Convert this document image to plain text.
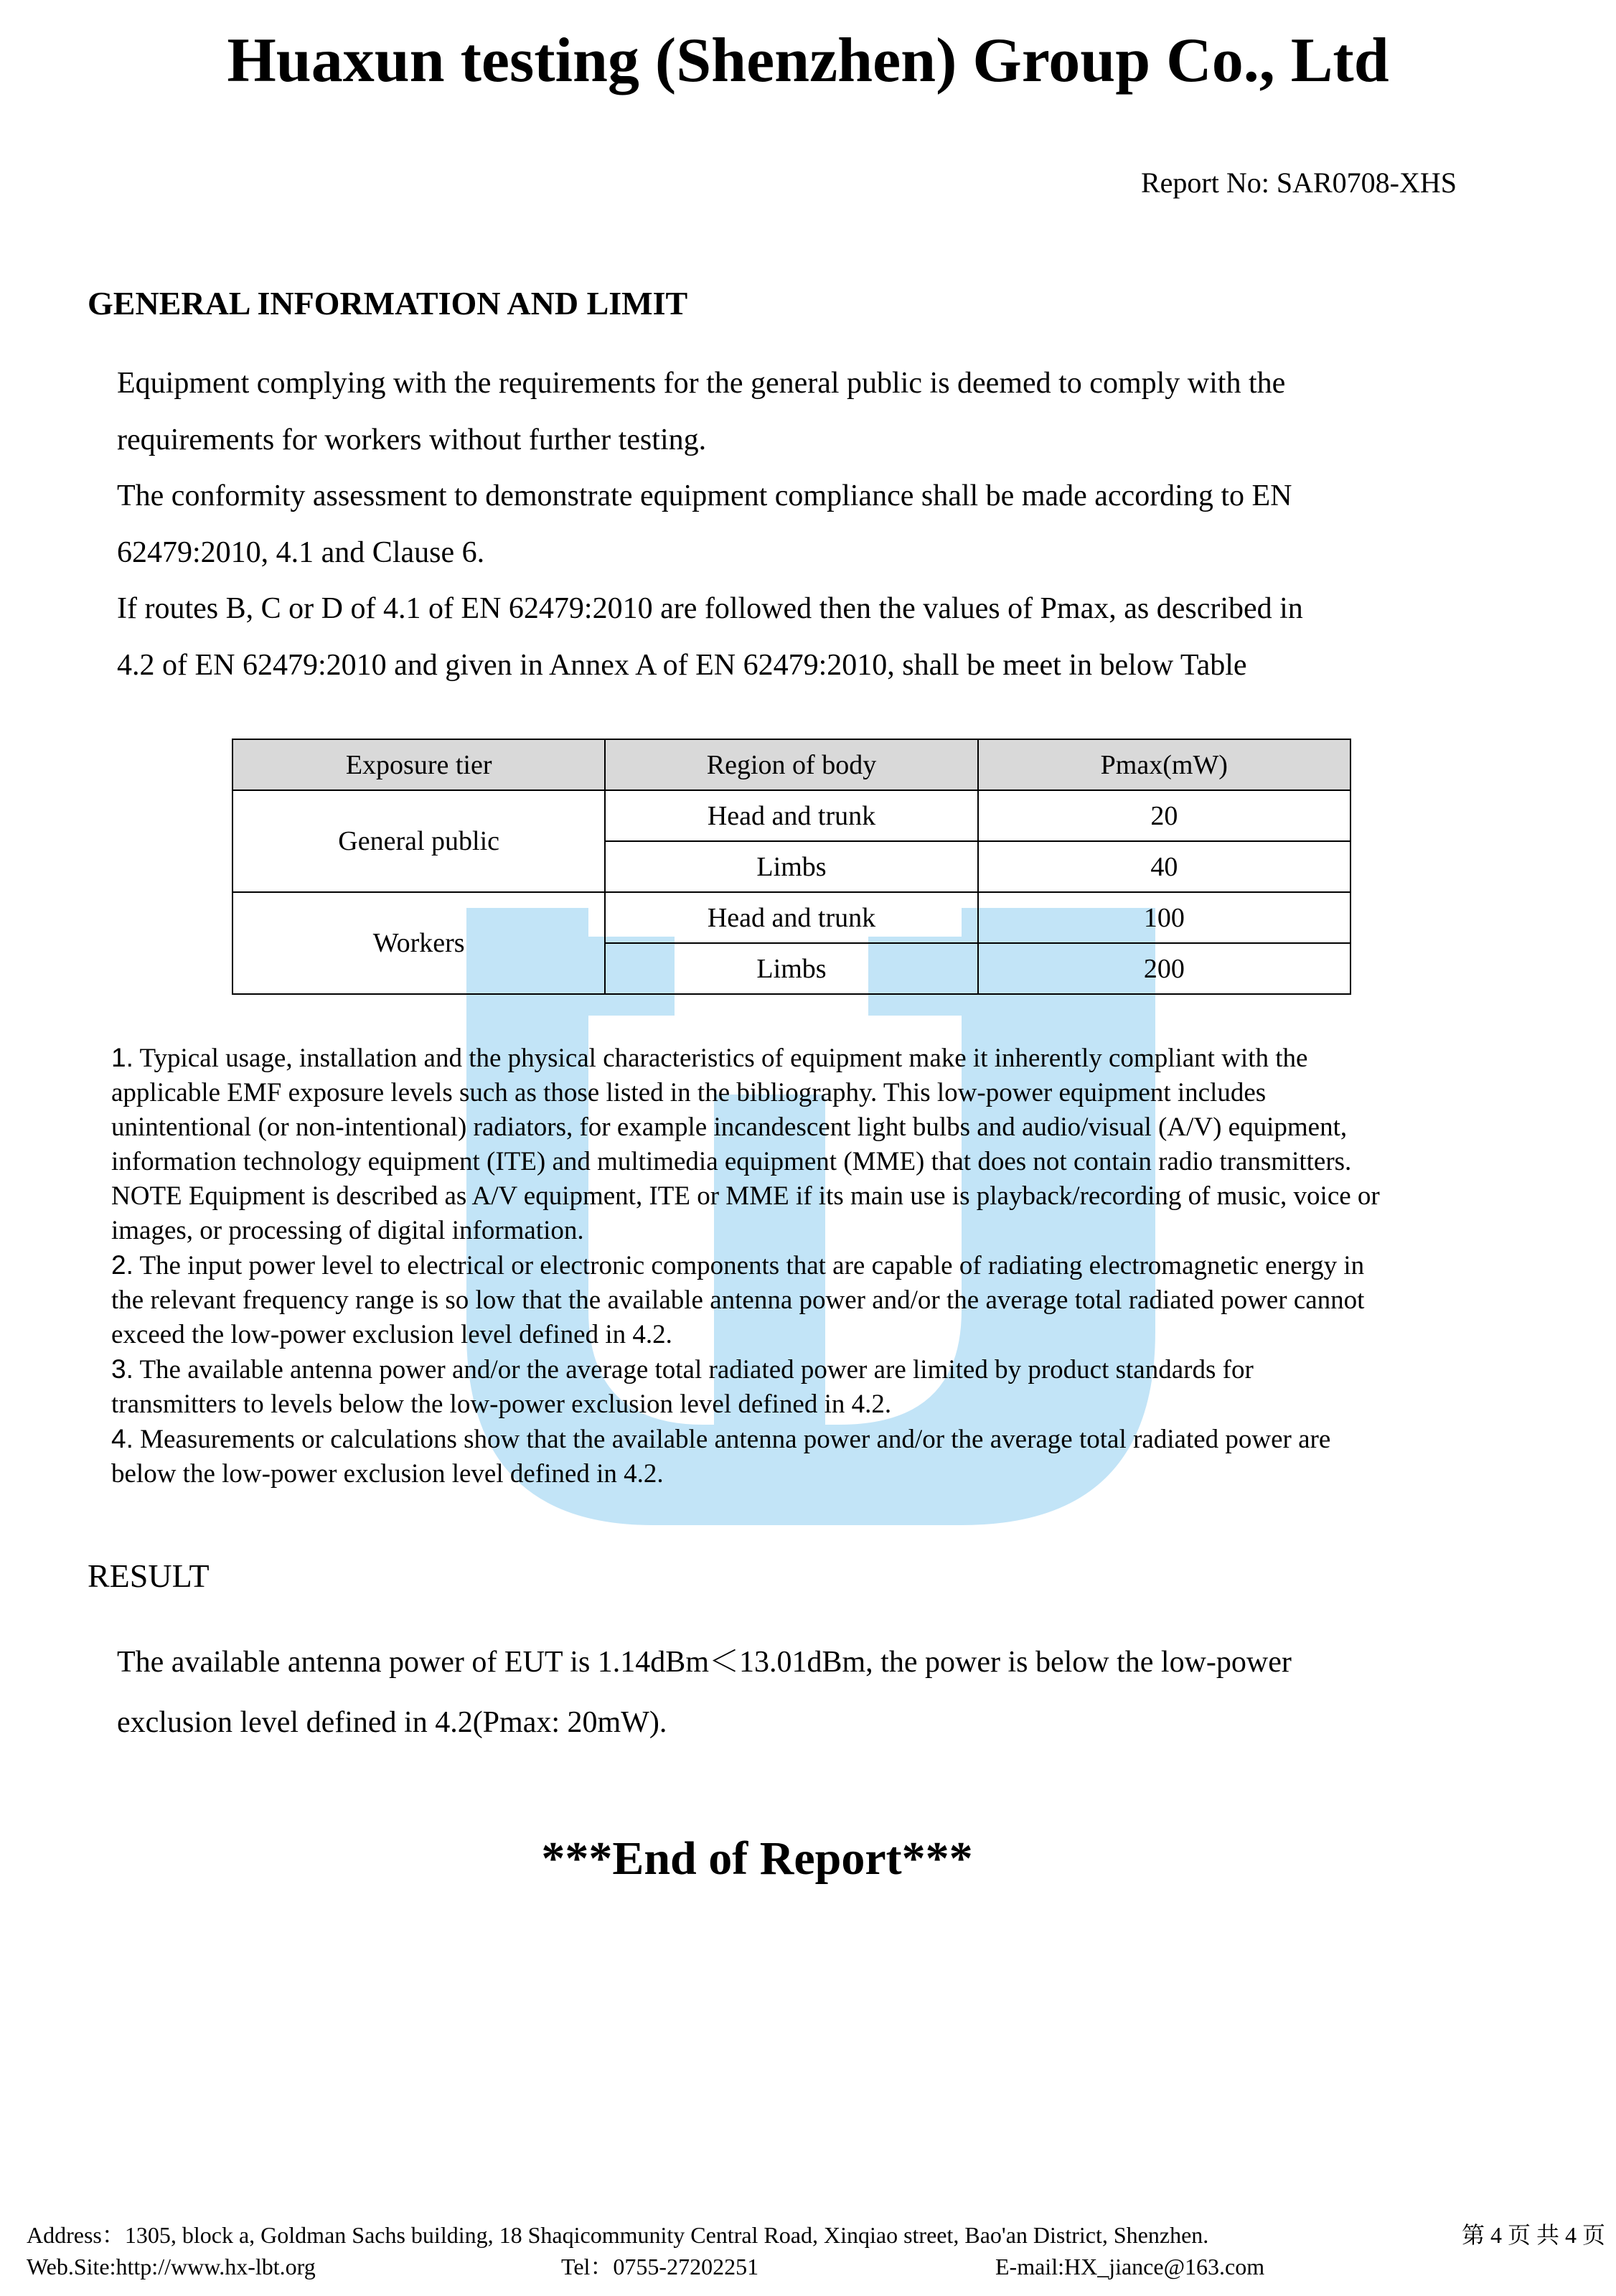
Huaxun testing (Shenzhen) Group Co., Ltd
Report No: SAR0708-XHS
GENERAL INFORMATION AND LIMIT

Equipment complying with the requirements for the general public is deemed to comply with the

requirements for workers without further testing.

The conformity assessment to demonstrate equipment compliance shall be made according to EN

62479:2010, 4.1 and Clause 6.

If routes B, C or D of 4.1 of EN 62479:2010 are followed then the values of Pmax, as described in

4.2 of EN 62479:2010 and given in Annex A of EN 62479:2010, shall be meet in below Table

Exposure tier	Region of body	Pmax(mW)
General public	Head and trunk	20
	Limbs	40
Workers	Head and trunk	100
	Limbs	200

1. Typical usage, installation and the physical characteristics of equipment make it inherently compliant with the

applicable EMF exposure levels such as those listed in the bibliography. This low-power equipment includes

unintentional (or non-intentional) radiators, for example incandescent light bulbs and audio/visual (A/V) equipment,

information technology equipment (ITE) and multimedia equipment (MME) that does not contain radio transmitters.

NOTE Equipment is described as A/V equipment, ITE or MME if its main use is playback/recording of music, voice or

images, or processing of digital information.

2. The input power level to electrical or electronic components that are capable of radiating electromagnetic energy in

the relevant frequency range is so low that the available antenna power and/or the average total radiated power cannot

exceed the low-power exclusion level defined in 4.2.

3. The available antenna power and/or the average total radiated power are limited by product standards for

transmitters to levels below the low-power exclusion level defined in 4.2.

4. Measurements or calculations show that the available antenna power and/or the average total radiated power are

below the low-power exclusion level defined in 4.2.

RESULT

The available antenna power of EUT is 1.14dBm＜13.01dBm, the power is below the low-power

exclusion level defined in 4.2(Pmax: 20mW).

***End of Report***
Address：1305, block a, Goldman Sachs building, 18 Shaqicommunity Central Road, Xinqiao street, Bao'an District, Shenzhen.	第 4 页 共 4 页
Web.Site:http://www.hx-lbt.org	Tel：0755-27202251	E-mail:HX_jiance@163.com
